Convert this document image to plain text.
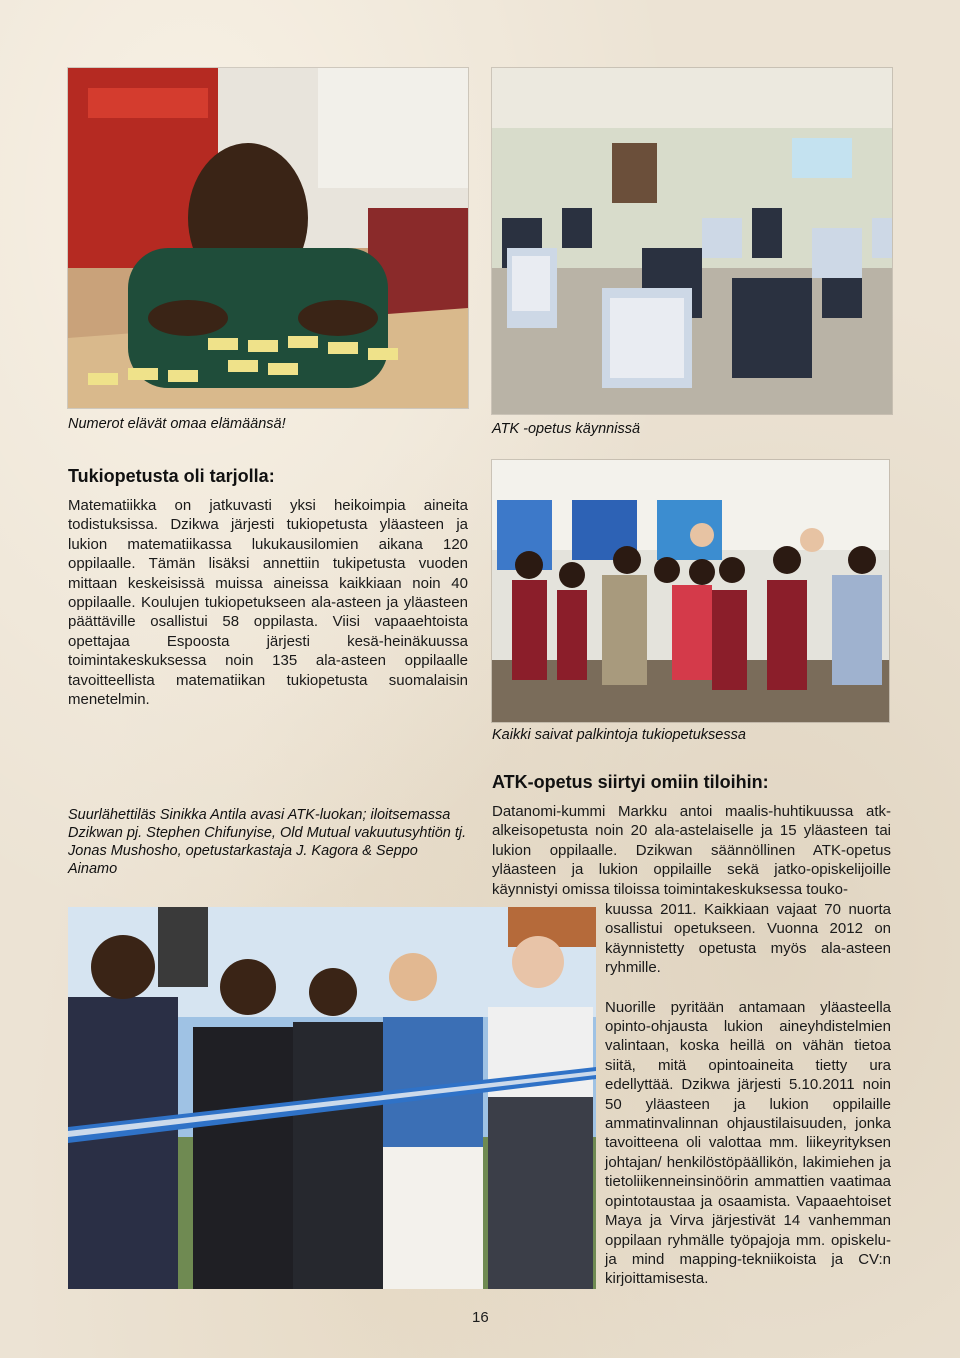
Numerot elävät omaa elämäänsä!	ATK -opetus käynnissä
Tukiopetusta oli tarjolla:

Matematiikka on jatkuvasti yksi heikoimpia aineita todistuksissa. Dzikwa järjesti tukiopetusta yläasteen ja lukion matematiikassa lukukausilomien aikana 120 oppilaalle. Tämän lisäksi annettiin tukipetusta vuoden mittaan keskeisissä muissa aineissa kaikkiaan noin 40 oppilaalle. Koulujen tukiopetukseen ala-asteen ja yläasteen päättäville osallistui 58 oppilasta. Viisi vapaaehtoista opettajaa Espoosta järjesti kesä-heinäkuussa toimintakeskuksessa noin 135 ala-asteen oppilaalle tavoitteellista matematiikan tukiopetusta suomalaisin menetelmin.

Kaikki saivat palkintoja tukiopetuksessa
ATK-opetus siirtyi omiin tiloihin:

Datanomi-kummi Markku antoi maalis-huhtikuussa atk-alkeisopetusta noin 20 ala-astelaiselle ja 15 yläasteen tai lukion oppilaalle. Dzikwan säännöllinen ATK-opetus yläasteen ja lukion oppilaille sekä jatko-opiskelijoille käynnistyi omissa tiloissa toimintakeskuksessa touko-

kuussa 2011. Kaikkiaan vajaat 70 nuorta osallistui opetukseen. Vuonna 2012 on käynnistetty opetusta myös ala-asteen ryhmille.

Nuorille pyritään antamaan yläasteella opinto-ohjausta lukion aineyhdistelmien valintaan, koska heillä on vähän tietoa siitä, mitä opintoaineita tietty ura edellyttää. Dzikwa järjesti 5.10.2011 noin 50 yläasteen ja lukion oppilaille ammatinvalinnan ohjaustilaisuuden, jonka tavoitteena oli valottaa mm. liikeyrityksen johtajan/ henkilöstöpäällikön, lakimiehen ja tietoliikenneinsinöörin ammattien vaatimaa opintotaustaa ja osaamista. Vapaaehtoiset Maya ja Virva järjestivät 14 vanhemman oppilaan ryhmälle työpajoja mm. opiskelu- ja mind mapping-tekniikoista ja CV:n kirjoittamisesta.

Suurlähettiläs Sinikka Antila avasi ATK-luokan; iloitsemassa Dzikwan pj. Stephen Chifunyise, Old Mutual vakuutusyhtiön tj. Jonas Mushosho, opetustarkastaja J. Kagora & Seppo Ainamo
16
